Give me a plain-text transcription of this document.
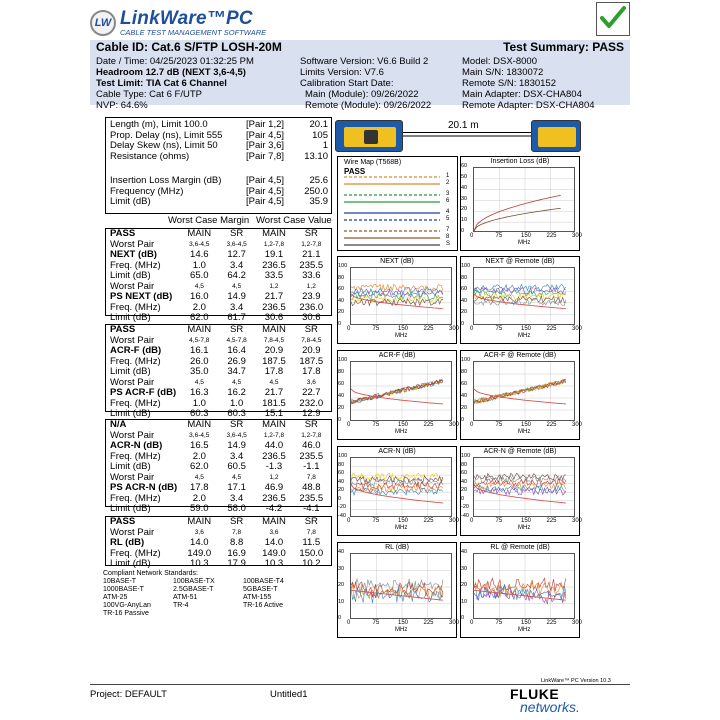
LW LinkWare™PC
CABLE TEST MANAGEMENT SOFTWARE
Cable ID: Cat.6 S/FTP LOSH-20M	Test Summary: PASS
Date / Time: 04/25/2023 01:32:25 PM
Headroom 12.7 dB (NEXT 3,6-4,5)
Test Limit: TIA Cat 6 Channel
Cable Type: Cat 6 F/UTP
NVP: 64.6%
Software Version: V6.6 Build 2
Limits Version: V7.6
Calibration Start Date:
Main (Module): 09/26/2022
Remote (Module): 09/26/2022
Model: DSX-8000
Main S/N: 1830072
Remote S/N: 1830152
Main Adapter: DSX-CHA804
Remote Adapter: DSX-CHA804
Length (m), Limit 100.0	[Pair 1,2]	20.1
Prop. Delay (ns), Limit 555	[Pair 4,5]	105
Delay Skew (ns), Limit 50	[Pair 3,6]	1
Resistance (ohms)	[Pair 7,8]	13.10
Insertion Loss Margin (dB)	[Pair 4,5]	25.6
Frequency (MHz)	[Pair 4,5]	250.0
Limit (dB)	[Pair 4,5]	35.9
Worst Case Margin Worst Case Value
PASS	MAIN	SR	MAIN	SR
Worst Pair	3,6-4,5	3,6-4,5	1,2-7,8	1,2-7,8
NEXT (dB)	14.6	12.7	19.1	21.1
Freq. (MHz)	1.0	3.4	236.5	235.5
Limit (dB)	65.0	64.2	33.5	33.6
Worst Pair	4,5	4,5	1,2	1,2
PS NEXT (dB)	16.0	14.9	21.7	23.9
Freq. (MHz)	2.0	3.4	236.5	236.0
Limit (dB)	62.0	61.7	30.6	30.6
PASS	MAIN	SR	MAIN	SR
Worst Pair	4,5-7,8	4,5-7,8	7,8-4,5	7,8-4,5
ACR-F (dB)	16.1	16.4	20.9	20.9
Freq. (MHz)	26.0	26.9	187.5	187.5
Limit (dB)	35.0	34.7	17.8	17.8
Worst Pair	4,5	4,5	4,5	3,6
PS ACR-F (dB)	16.3	16.2	21.7	22.7
Freq. (MHz)	1.0	1.0	181.5	232.0
Limit (dB)	60.3	60.3	15.1	12.9
N/A	MAIN	SR	MAIN	SR
Worst Pair	3,6-4,5	3,6-4,5	1,2-7,8	1,2-7,8
ACR-N (dB)	16.5	14.9	44.0	46.0
Freq. (MHz)	2.0	3.4	236.5	235.5
Limit (dB)	62.0	60.5	-1.3	-1.1
Worst Pair	4,5	4,5	1,2	7,8
PS ACR-N (dB)	17.8	17.1	46.9	48.8
Freq. (MHz)	2.0	3.4	236.5	235.5
Limit (dB)	59.0	58.0	-4.2	-4.1
PASS	MAIN	SR	MAIN	SR
Worst Pair	3,6	7,8	3,6	7,8
RL (dB)	14.0	8.8	14.0	11.5
Freq. (MHz)	149.0	16.9	149.0	150.0
Limit (dB)	10.3	17.9	10.3	10.2
Compliant Network Standards:
10BASE-T	100BASE-TX	100BASE-T4
1000BASE-T	2.5GBASE-T	5GBASE-T
ATM-25	ATM-51	ATM-155
100VG-AnyLan	TR-4	TR-16 Active
TR-16 Passive
20.1 m
Wire Map (T568B)
PASS	1
2
3
6
4
5
7
8
S
Insertion Loss (dB)
60
50
40
30
20
10
0
0	75	150	225	300
MHz
NEXT (dB)
100
80
60
40
20
0
0	75	150	225	300
MHz
NEXT @ Remote (dB)
100
80
60
40
20
0
0	75	150	225	300
MHz
ACR-F (dB)
100
80
60
40
20
0
0	75	150	225	300
MHz
ACR-F @ Remote (dB)
100
80
60
40
20
0
0	75	150	225	300
MHz
ACR-N (dB)
100
80
60
40
20
0
-20
-40
0	75	150	225	300
MHz
ACR-N @ Remote (dB)
100
80
60
40
20
0
-20
-40
0	75	150	225	300
MHz
RL (dB)
40
30
20
10
0
0	75	150	225	300
MHz
RL @ Remote (dB)
40
30
20
10
0
0	75	150	225	300
MHz
LinkWare™ PC Version 10.3
Project: DEFAULT	Untitled1	FLUKE
networks.
